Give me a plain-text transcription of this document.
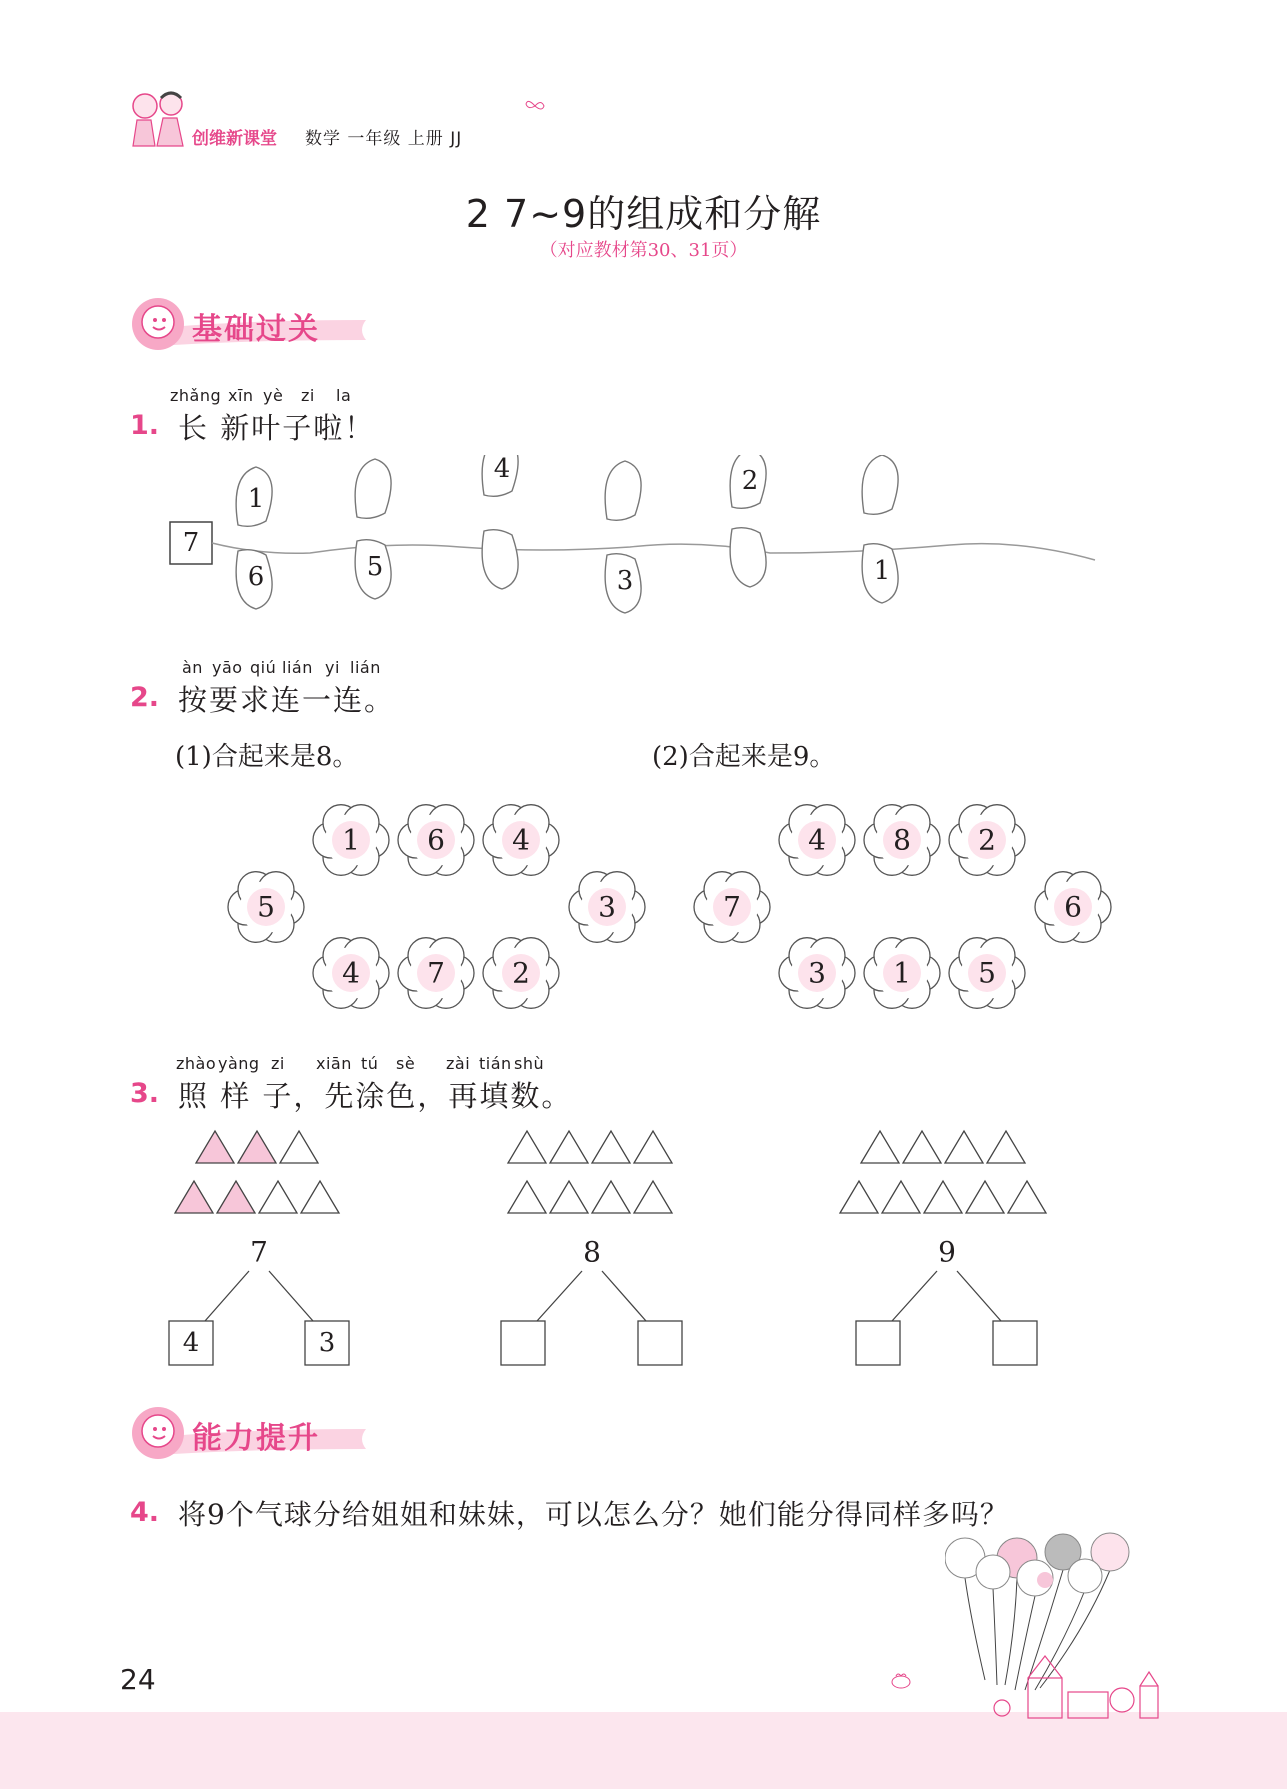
创维新课堂 数学 一年级 上册 JJ
2 7~9的组成和分解
（对应教材第30、31页）
基础过关
zhǎng xīn yè zi la
1. 长 新叶子啦！
1
6	5
4
3
2
1
7
àn yāo qiú lián yi lián
2. 按要求连一连。
(1)合起来是8。	(2)合起来是9。
1 6 4
4 7 2
5	3
4 8 2
3 1 5
7	6
zhào yàng zi xiān tú sè zài tián shù
3. 照 样 子，先涂色，再填数。
7
4	3
8	9
能力提升
4. 将9个气球分给姐姐和妹妹，可以怎么分？她们能分得同样多吗？
24
